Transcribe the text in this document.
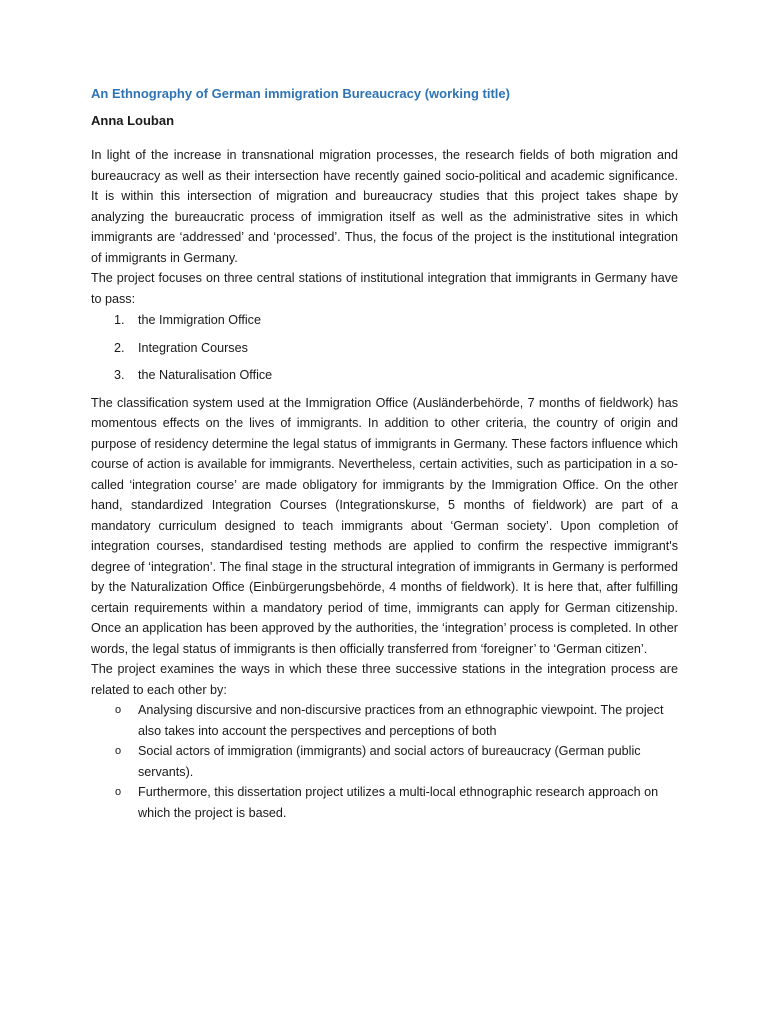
An Ethnography of German immigration Bureaucracy (working title)
Anna Louban

In light of the increase in transnational migration processes, the research fields of both migration and bureaucracy as well as their intersection have recently gained socio-political and academic significance. It is within this intersection of migration and bureaucracy studies that this project takes shape by analyzing the bureaucratic process of immigration itself as well as the administrative sites in which immigrants are ‘addressed’ and ‘processed’. Thus, the focus of the project is the institutional integration of immigrants in Germany.

The project focuses on three central stations of institutional integration that immigrants in Germany have to pass:

1. the Immigration Office
2. Integration Courses
3. the Naturalisation Office

The classification system used at the Immigration Office (Ausländerbehörde, 7 months of fieldwork) has momentous effects on the lives of immigrants. In addition to other criteria, the country of origin and purpose of residency determine the legal status of immigrants in Germany. These factors influence which course of action is available for immigrants. Nevertheless, certain activities, such as participation in a so-called ‘integration course’ are made obligatory for immigrants by the Immigration Office. On the other hand, standardized Integration Courses (Integrationskurse, 5 months of fieldwork) are part of a mandatory curriculum designed to teach immigrants about ‘German society’. Upon completion of integration courses, standardised testing methods are applied to confirm the respective immigrant's degree of ‘integration’. The final stage in the structural integration of immigrants in Germany is performed by the Naturalization Office (Einbürgerungsbehörde, 4 months of fieldwork). It is here that, after fulfilling certain requirements within a mandatory period of time, immigrants can apply for German citizenship. Once an application has been approved by the authorities, the ‘integration’ process is completed. In other words, the legal status of immigrants is then officially transferred from ‘foreigner’ to ‘German citizen’.

The project examines the ways in which these three successive stations in the integration process are related to each other by:

o Analysing discursive and non-discursive practices from an ethnographic viewpoint. The project also takes into account the perspectives and perceptions of both
o Social actors of immigration (immigrants) and social actors of bureaucracy (German public servants).
o Furthermore, this dissertation project utilizes a multi-local ethnographic research approach on which the project is based.
